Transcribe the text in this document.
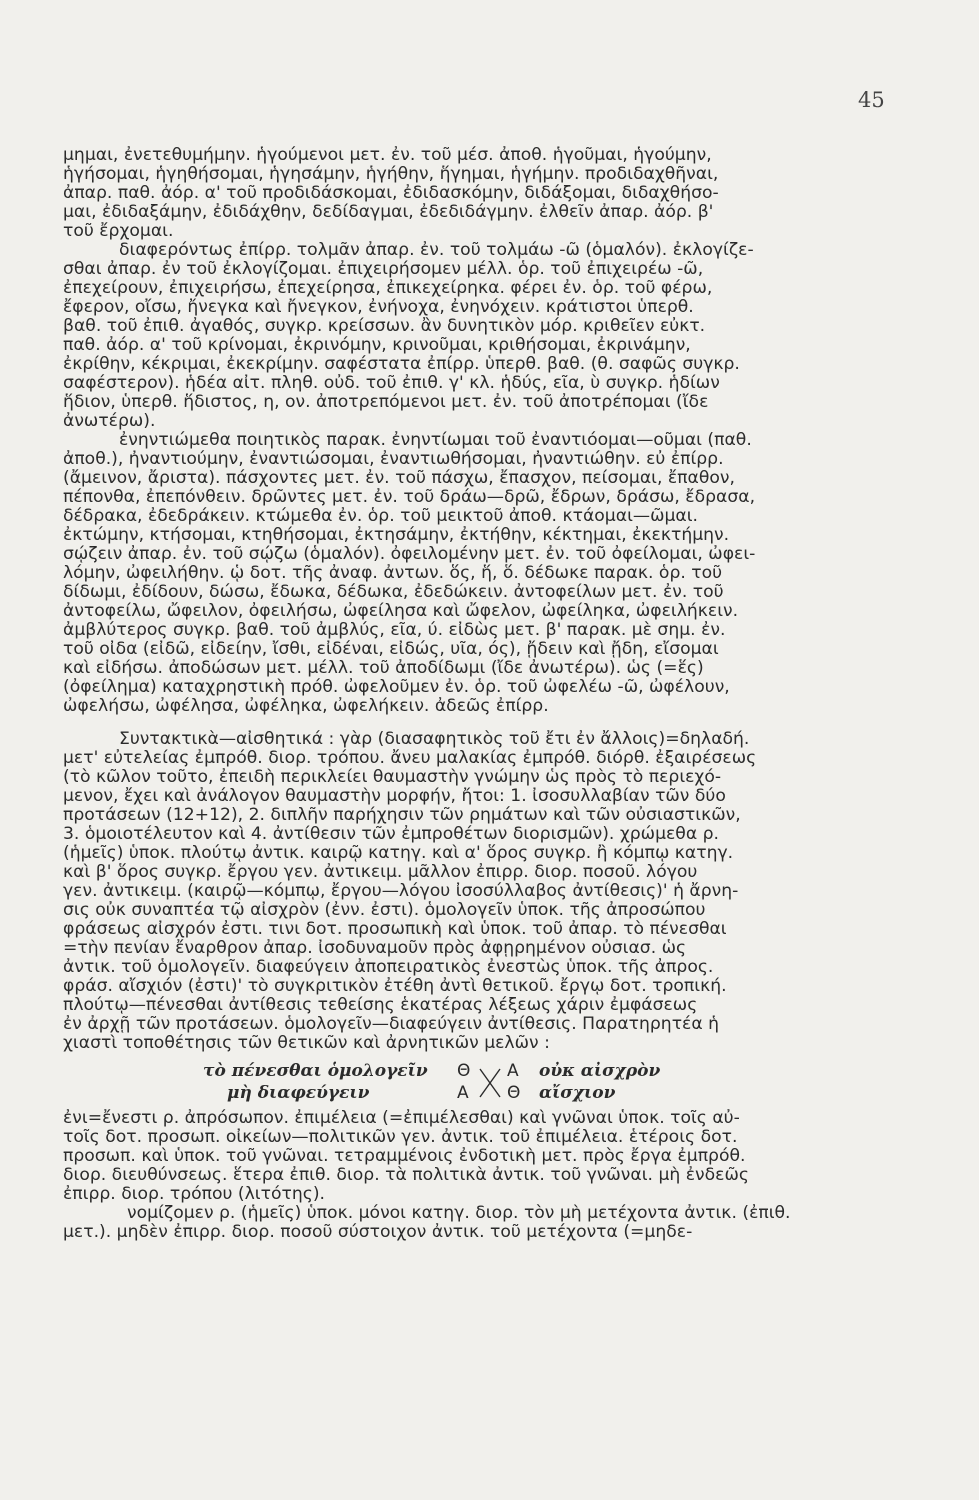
45
μημαι, ἐνετεθυμήμην. ἡγούμενοι μετ. ἐν. τοῦ μέσ. ἀποθ. ἡγοῦμαι, ἡγούμην,
ἡγήσομαι, ἡγηθήσομαι, ἡγησάμην, ἡγήθην, ἥγημαι, ἡγήμην. προδιδαχθῆναι,
ἀπαρ. παθ. ἀόρ. α' τοῦ προδιδάσκομαι, ἐδιδασκόμην, διδάξομαι, διδαχθήσο-
μαι, ἐδιδαξάμην, ἐδιδάχθην, δεδίδαγμαι, ἐδεδιδάγμην. ἐλθεῖν ἀπαρ. ἀόρ. β'
τοῦ ἔρχομαι.
διαφερόντως ἐπίρρ. τολμᾶν ἀπαρ. ἐν. τοῦ τολμάω -ῶ (ὁμαλόν). ἐκλογίζε-
σθαι ἀπαρ. ἐν τοῦ ἐκλογίζομαι. ἐπιχειρήσομεν μέλλ. ὁρ. τοῦ ἐπιχειρέω -ῶ,
ἐπεχείρουν, ἐπιχειρήσω, ἐπεχείρησα, ἐπικεχείρηκα. φέρει ἐν. ὁρ. τοῦ φέρω,
ἔφερον, οἴσω, ἤνεγκα καὶ ἤνεγκον, ἐνήνοχα, ἐνηνόχειν. κράτιστοι ὑπερθ.
βαθ. τοῦ ἐπιθ. ἀγαθός, συγκρ. κρείσσων. ἂν δυνητικὸν μόρ. κριθεῖεν εὐκτ.
παθ. ἀόρ. α' τοῦ κρίνομαι, ἐκρινόμην, κρινοῦμαι, κριθήσομαι, ἐκρινάμην,
ἐκρίθην, κέκριμαι, ἐκεκρίμην. σαφέστατα ἐπίρρ. ὑπερθ. βαθ. (θ. σαφῶς συγκρ.
σαφέστερον). ἡδέα αἰτ. πληθ. οὐδ. τοῦ ἐπιθ. γ' κλ. ἡδύς, εῖα, ὺ συγκρ. ἡδίων
ἥδιον, ὑπερθ. ἥδιστος, η, ον. ἀποτρεπόμενοι μετ. ἐν. τοῦ ἀποτρέπομαι (ἴδε
ἀνωτέρω).
ἐνηντιώμεθα ποιητικὸς παρακ. ἐνηντίωμαι τοῦ ἐναντιόομαι—οῦμαι (παθ.
ἀποθ.), ἠναντιούμην, ἐναντιώσομαι, ἐναντιωθήσομαι, ἠναντιώθην. εὖ ἐπίρρ.
(ἄμεινον, ἄριστα). πάσχοντες μετ. ἐν. τοῦ πάσχω, ἔπασχον, πείσομαι, ἔπαθον,
πέπονθα, ἐπεπόνθειν. δρῶντες μετ. ἐν. τοῦ δράω—δρῶ, ἔδρων, δράσω, ἔδρασα,
δέδρακα, ἐδεδράκειν. κτώμεθα ἐν. ὁρ. τοῦ μεικτοῦ ἀποθ. κτάομαι—ῶμαι.
ἐκτώμην, κτήσομαι, κτηθήσομαι, ἐκτησάμην, ἐκτήθην, κέκτημαι, ἐκεκτήμην.
σῴζειν ἀπαρ. ἐν. τοῦ σῴζω (ὁμαλόν). ὀφειλομένην μετ. ἐν. τοῦ ὀφείλομαι, ὠφει-
λόμην, ὠφειλήθην. ᾧ δοτ. τῆς ἀναφ. ἀντων. ὅς, ἥ, ὅ. δέδωκε παρακ. ὁρ. τοῦ
δίδωμι, ἐδίδουν, δώσω, ἔδωκα, δέδωκα, ἐδεδώκειν. ἀντοφείλων μετ. ἐν. τοῦ
ἀντοφείλω, ὤφειλον, ὀφειλήσω, ὠφείλησα καὶ ὤφελον, ὠφείληκα, ὠφειλήκειν.
ἀμβλύτερος συγκρ. βαθ. τοῦ ἀμβλύς, εῖα, ύ. εἰδὼς μετ. β' παρακ. μὲ σημ. ἐν.
τοῦ οἶδα (εἰδῶ, εἰδείην, ἴσθι, εἰδέναι, εἰδώς, υῖα, ός), ᾔδειν καὶ ᾔδη, εἴσομαι
καὶ εἰδήσω. ἀποδώσων μετ. μέλλ. τοῦ ἀποδίδωμι (ἴδε ἀνωτέρω). ὡς (=ἕς)
(ὀφείλημα) καταχρηστικὴ πρόθ. ὠφελοῦμεν ἐν. ὁρ. τοῦ ὠφελέω -ῶ, ὠφέλουν,
ὠφελήσω, ὠφέλησα, ὠφέληκα, ὠφελήκειν. ἀδεῶς ἐπίρρ.
Συντακτικὰ—αἰσθητικά : γὰρ (διασαφητικὸς τοῦ ἔτι ἐν ἄλλοις)=δηλαδή.
μετ' εὐτελείας ἐμπρόθ. διορ. τρόπου. ἄνευ μαλακίας ἐμπρόθ. διόρθ. ἐξαιρέσεως
(τὸ κῶλον τοῦτο, ἐπειδὴ περικλείει θαυμαστὴν γνώμην ὡς πρὸς τὸ περιεχό-
μενον, ἔχει καὶ ἀνάλογον θαυμαστὴν μορφήν, ἤτοι: 1. ἰσοσυλλαβίαν τῶν δύο
προτάσεων (12+12), 2. διπλῆν παρήχησιν τῶν ρημάτων καὶ τῶν οὐσιαστικῶν,
3. ὁμοιοτέλευτον καὶ 4. ἀντίθεσιν τῶν ἐμπροθέτων διορισμῶν). χρώμεθα ρ.
(ἡμεῖς) ὑποκ. πλούτῳ ἀντικ. καιρῷ κατηγ. καὶ α' ὅρος συγκρ. ἢ κόμπῳ κατηγ.
καὶ β' ὅρος συγκρ. ἔργου γεν. ἀντικειμ. μᾶλλον ἐπιρρ. διορ. ποσοῦ. λόγου
γεν. ἀντικειμ. (καιρῷ—κόμπῳ, ἔργου—λόγου ἰσοσύλλαβος ἀντίθεσις)' ἡ ἄρνη-
σις οὐκ συναπτέα τῷ αἰσχρὸν (ἐνν. ἐστι). ὁμολογεῖν ὑποκ. τῆς ἀπροσώπου
φράσεως αἰσχρόν ἐστι. τινι δοτ. προσωπικὴ καὶ ὑποκ. τοῦ ἀπαρ. τὸ πένεσθαι
=τὴν πενίαν ἔναρθρον ἀπαρ. ἰσοδυναμοῦν πρὸς ἀφῃρημένον οὐσιασ. ὡς
ἀντικ. τοῦ ὁμολογεῖν. διαφεύγειν ἀποπειρατικὸς ἐνεστὼς ὑποκ. τῆς ἀπρος.
φράσ. αἴσχιόν (ἐστι)' τὸ συγκριτικὸν ἐτέθη ἀντὶ θετικοῦ. ἔργῳ δοτ. τροπική.
πλούτῳ—πένεσθαι ἀντίθεσις τεθείσης ἑκατέρας λέξεως χάριν ἐμφάσεως
ἐν ἀρχῇ τῶν προτάσεων. ὁμολογεῖν—διαφεύγειν ἀντίθεσις. Παρατηρητέα ἡ
χιαστὶ τοποθέτησις τῶν θετικῶν καὶ ἀρνητικῶν μελῶν :
τὸ πένεσθαι ὁμολογεῖν Θ Α οὐκ αἰσχρὸν
μὴ διαφεύγειν	Α Θ αἴσχιον
ἐνι=ἔνεστι ρ. ἀπρόσωπον. ἐπιμέλεια (=ἐπιμέλεσθαι) καὶ γνῶναι ὑποκ. τοῖς αὐ-
τοῖς δοτ. προσωπ. οἰκείων—πολιτικῶν γεν. ἀντικ. τοῦ ἐπιμέλεια. ἑτέροις δοτ.
προσωπ. καὶ ὑποκ. τοῦ γνῶναι. τετραμμένοις ἐνδοτικὴ μετ. πρὸς ἔργα ἐμπρόθ.
διορ. διευθύνσεως. ἕτερα ἐπιθ. διορ. τὰ πολιτικὰ ἀντικ. τοῦ γνῶναι. μὴ ἐνδεῶς
ἐπιρρ. διορ. τρόπου (λιτότης).
νομίζομεν ρ. (ἡμεῖς) ὑποκ. μόνοι κατηγ. διορ. τὸν μὴ μετέχοντα ἀντικ. (ἐπιθ.
μετ.). μηδὲν ἐπιρρ. διορ. ποσοῦ σύστοιχον ἀντικ. τοῦ μετέχοντα (=μηδε-
